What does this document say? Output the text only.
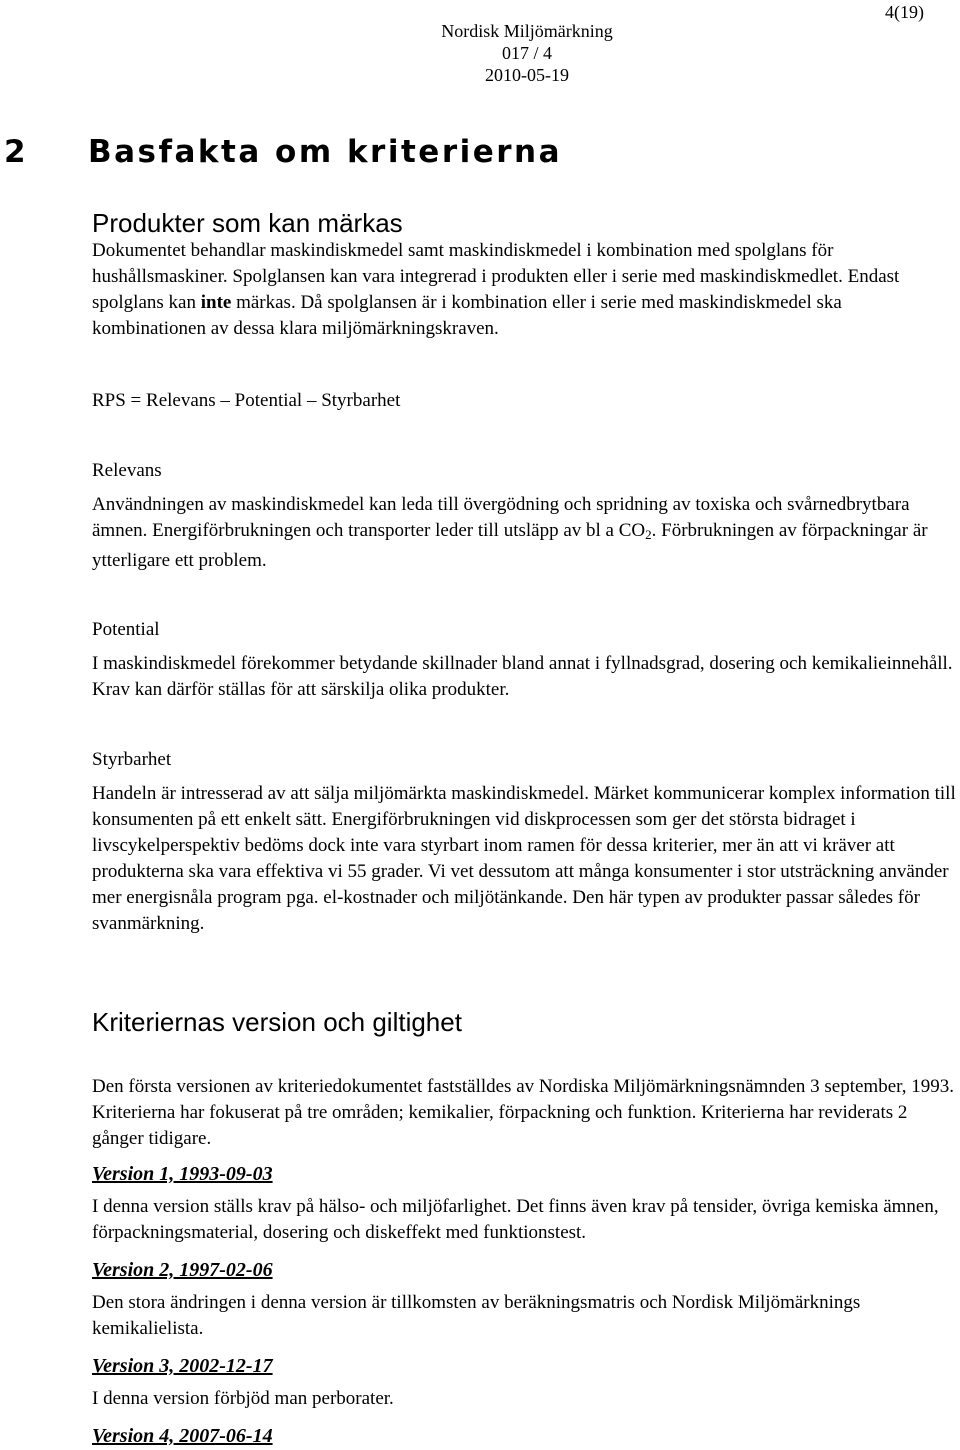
4(19)
Nordisk Miljömärkning
017 / 4
2010-05-19
2 Basfakta om kriterierna
Produkter som kan märkas

Dokumentet behandlar maskindiskmedel samt maskindiskmedel i kombination med spolglans för hushållsmaskiner. Spolglansen kan vara integrerad i produkten eller i serie med maskindiskmedlet. Endast spolglans kan inte märkas. Då spolglansen är i kombination eller i serie med maskindiskmedel ska kombinationen av dessa klara miljömärkningskraven.

RPS = Relevans – Potential – Styrbarhet
Relevans

Användningen av maskindiskmedel kan leda till övergödning och spridning av toxiska och svårnedbrytbara ämnen. Energiförbrukningen och transporter leder till utsläpp av bl a $CO_2$. Förbrukningen av förpackningar är ytterligare ett problem.

Potential

I maskindiskmedel förekommer betydande skillnader bland annat i fyllnadsgrad, dosering och kemikalieinnehåll. Krav kan därför ställas för att särskilja olika produkter.

Styrbarhet

Handeln är intresserad av att sälja miljömärkta maskindiskmedel. Märket kommunicerar komplex information till konsumenten på ett enkelt sätt. Energiförbrukningen vid diskprocessen som ger det största bidraget i livscykelperspektiv bedöms dock inte vara styrbart inom ramen för dessa kriterier, mer än att vi kräver att produkterna ska vara effektiva vi 55 grader. Vi vet dessutom att många konsumenter i stor utsträckning använder mer energisnåla program pga. el-kostnader och miljötänkande. Den här typen av produkter passar således för svanmärkning.

Kriteriernas version och giltighet

Den första versionen av kriteriedokumentet fastställdes av Nordiska Miljömärkningsnämnden 3 september, 1993. Kriterierna har fokuserat på tre områden; kemikalier, förpackning och funktion. Kriterierna har reviderats 2 gånger tidigare.

Version 1, 1993-09-03

I denna version ställs krav på hälso- och miljöfarlighet. Det finns även krav på tensider, övriga kemiska ämnen, förpackningsmaterial, dosering och diskeffekt med funktionstest.

Version 2, 1997-02-06

Den stora ändringen i denna version är tillkomsten av beräkningsmatris och Nordisk Miljömärknings kemikalielista.

Version 3, 2002-12-17

I denna version förbjöd man perborater.

Version 4, 2007-06-14
